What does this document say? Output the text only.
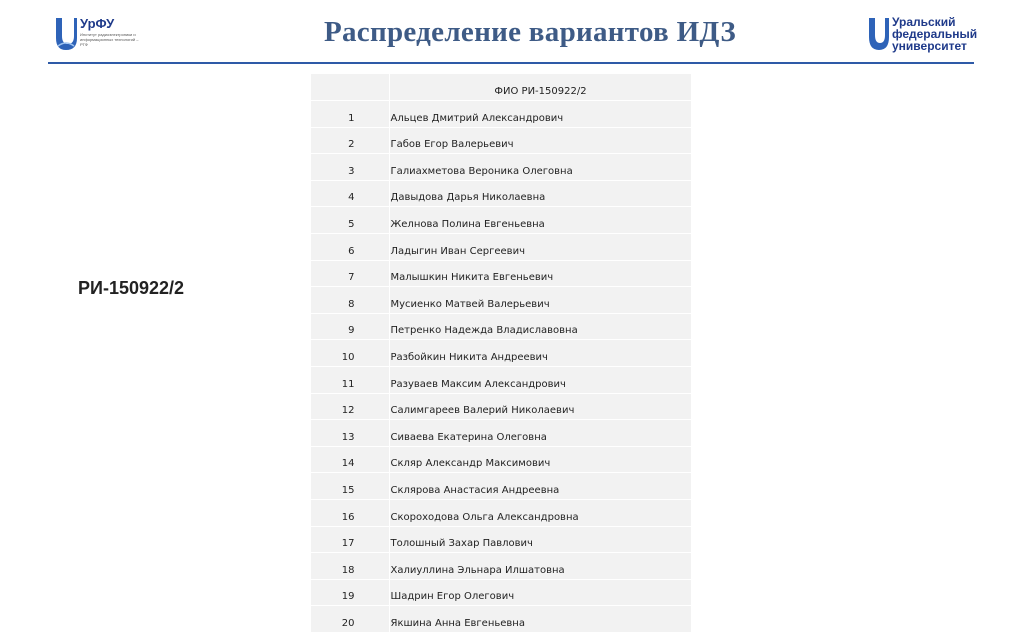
УрФУ
Институт радиоэлектроники и информационных технологий – РТФ	Распределение вариантов ИДЗ	Уральский
федеральный
университет
РИ-150922/2
	ФИО РИ-150922/2
1	Альцев Дмитрий Александрович
2	Габов Егор Валерьевич
3	Галиахметова Вероника Олеговна
4	Давыдова Дарья Николаевна
5	Желнова Полина Евгеньевна
6	Ладыгин Иван Сергеевич
7	Малышкин Никита Евгеньевич
8	Мусиенко Матвей Валерьевич
9	Петренко Надежда Владиславовна
10	Разбойкин Никита Андреевич
11	Разуваев Максим Александрович
12	Салимгареев Валерий Николаевич
13	Сиваева Екатерина Олеговна
14	Скляр Александр Максимович
15	Склярова Анастасия Андреевна
16	Скороходова Ольга Александровна
17	Толошный Захар Павлович
18	Халиуллина Эльнара Илшатовна
19	Шадрин Егор Олегович
20	Якшина Анна Евгеньевна
